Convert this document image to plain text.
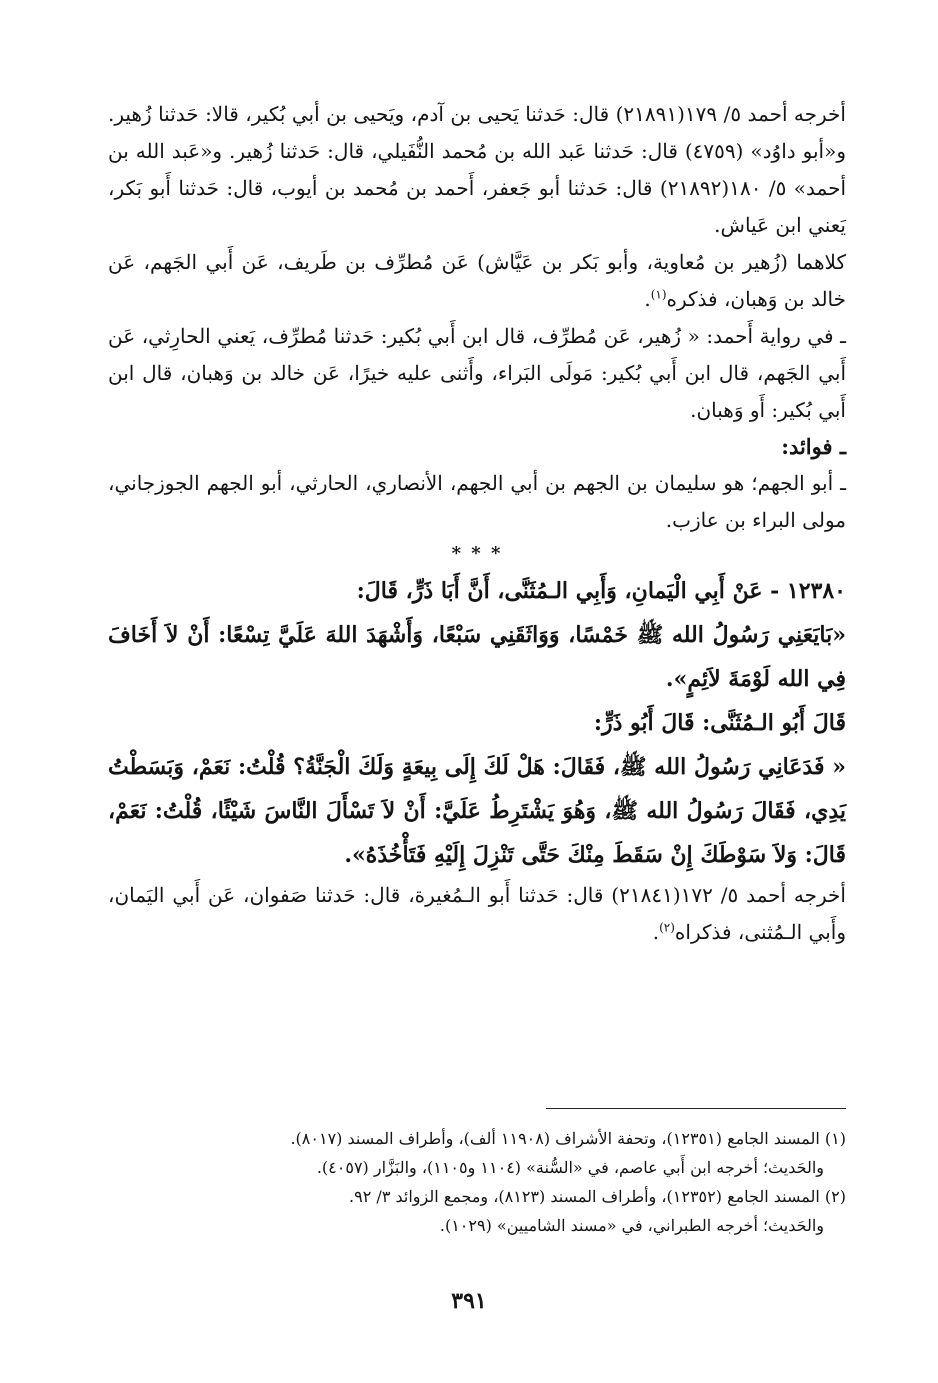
أخرجه أحمد ٥/ ١٧٩(٢١٨٩١) قال: حَدثنا يَحيى بن آدم، ويَحيى بن أبي بُكير، قالا: حَدثنا زُهير. و«أبو داوُد» (٤٧٥٩) قال: حَدثنا عَبد الله بن مُحمد النُّفَيلي، قال: حَدثنا زُهير. و«عَبد الله بن أحمد» ٥/ ١٨٠(٢١٨٩٢) قال: حَدثنا أبو جَعفر، أَحمد بن مُحمد بن أيوب، قال: حَدثنا أَبو بَكر، يَعني ابن عَياش.

كلاهما (زُهير بن مُعاوية، وأبو بَكر بن عَيَّاش) عَن مُطرِّف بن طَريف، عَن أَبي الجَهم، عَن خالد بن وَهبان، فذكره$^{(١)}$.

ـ في رواية أَحمد: « زُهير، عَن مُطرِّف، قال ابن أَبي بُكير: حَدثنا مُطرِّف، يَعني الحارِثي، عَن أَبي الجَهم، قال ابن أَبي بُكير: مَولَى البَراء، وأَثنى عليه خيرًا، عَن خالد بن وَهبان، قال ابن أَبي بُكير: أَو وَهبان.

ـ فوائد:

ـ أبو الجهم؛ هو سليمان بن الجهم بن أبي الجهم، الأنصاري، الحارثي، أبو الجهم الجوزجاني، مولى البراء بن عازب.

* * *

١٢٣٨٠ - عَنْ أَبِي الْيَمانِ، وَأَبِي الـمُثَنَّى، أَنَّ أَبَا ذَرٍّ، قَالَ:

«بَايَعَنِي رَسُولُ الله ﷺ خَمْسًا، وَوَاثَقَنِي سَبْعًا، وَأَشْهَدَ اللهَ عَلَيَّ تِسْعًا: أَنْ لاَ أَخَافَ فِي الله لَوْمَةَ لاَئِمٍ».

قَالَ أَبُو الـمُثَنَّى: قَالَ أَبُو ذَرٍّ:

« فَدَعَانِي رَسُولُ الله ﷺ، فَقَالَ: هَلْ لَكَ إِلَى بِيعَةٍ وَلَكَ الْجَنَّةُ؟ قُلْتُ: نَعَمْ، وَبَسَطْتُ يَدِي، فَقَالَ رَسُولُ الله ﷺ، وَهُوَ يَشْتَرِطُ عَلَيَّ: أَنْ لاَ تَسْأَلَ النَّاسَ شَيْئًا، قُلْتُ: نَعَمْ، قَالَ: وَلاَ سَوْطَكَ إِنْ سَقَطَ مِنْكَ حَتَّى تَنْزِلَ إِلَيْهِ فَتَأْخُذَهُ».

أخرجه أحمد ٥/ ١٧٢(٢١٨٤١) قال: حَدثنا أَبو الـمُغيرة، قال: حَدثنا صَفوان، عَن أَبي اليَمان، وأَبي الـمُثنى، فذكراه$^{(٢)}$.

(١) المسند الجامع (١٢٣٥١)، وتحفة الأشراف (١١٩٠٨ ألف)، وأطراف المسند (٨٠١٧).

والحَديث؛ أخرجه ابن أَبي عاصم، في «السُّنة» (١١٠٤ و١١٠٥)، والبَزَّار (٤٠٥٧).

(٢) المسند الجامع (١٢٣٥٢)، وأطراف المسند (٨١٢٣)، ومجمع الزوائد ٣/ ٩٢.

والحَديث؛ أخرجه الطبراني، في «مسند الشاميين» (١٠٢٩).

٣٩١
